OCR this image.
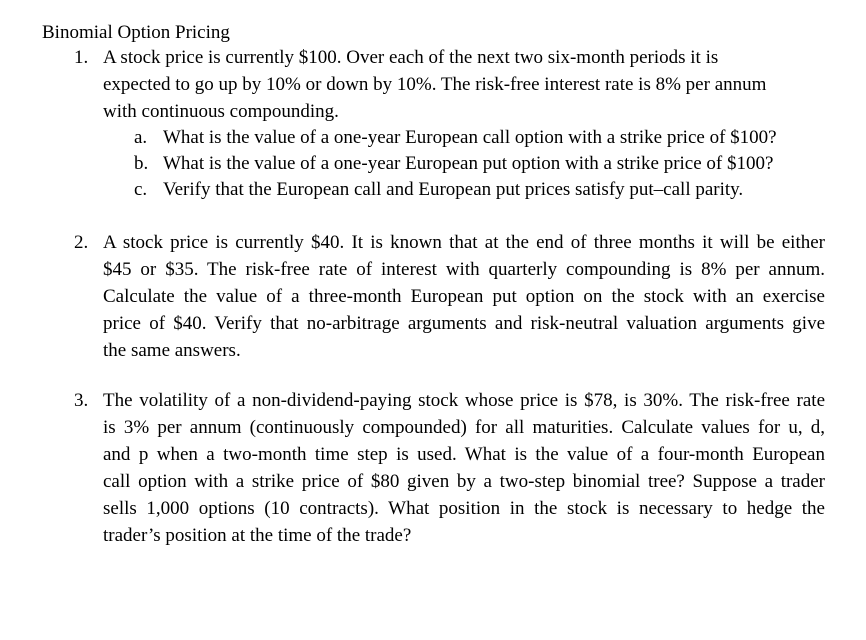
Binomial Option Pricing
1. A stock price is currently $100. Over each of the next two six-month periods it is
expected to go up by 10% or down by 10%. The risk-free interest rate is 8% per annum
with continuous compounding.
a. What is the value of a one-year European call option with a strike price of $100?
b. What is the value of a one-year European put option with a strike price of $100?
c. Verify that the European call and European put prices satisfy put–call parity.
2. A stock price is currently $40. It is known that at the end of three months it will be either
$45 or $35. The risk-free rate of interest with quarterly compounding is 8% per annum.
Calculate the value of a three-month European put option on the stock with an exercise
price of $40. Verify that no-arbitrage arguments and risk-neutral valuation arguments give
the same answers.
3. The volatility of a non-dividend-paying stock whose price is $78, is 30%. The risk-free rate
is 3% per annum (continuously compounded) for all maturities. Calculate values for u, d,
and p when a two-month time step is used. What is the value of a four-month European
call option with a strike price of $80 given by a two-step binomial tree? Suppose a trader
sells 1,000 options (10 contracts). What position in the stock is necessary to hedge the
trader’s position at the time of the trade?
